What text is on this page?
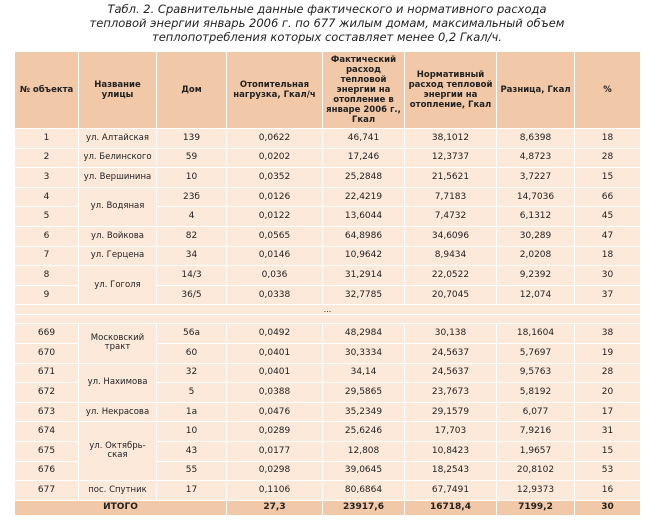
Табл. 2. Сравнительные данные фактического и нормативного расхода
тепловой энергии январь 2006 г. по 677 жилым домам, максимальный объем
теплопотребления которых составляет менее 0,2 Гкал/ч.
№ объекта	Название улицы	Дом	Отопительная нагрузка, Гкал/ч	Фактический расход тепловой энергии на отопление в январе 2006 г., Гкал	Нормативный расход тепловой энергии на отопление, Гкал	Разница, Гкал	%
1	ул. Алтайская	139	0,0622	46,741	38,1012	8,6398	18
2	ул. Белинского	59	0,0202	17,246	12,3737	4,8723	28
3	ул. Вершинина	10	0,0352	25,2848	21,5621	3,7227	15
4	ул. Водяная	23б	0,0126	22,4219	7,7183	14,7036	66
5		4	0,0122	13,6044	7,4732	6,1312	45
6	ул. Войкова	82	0,0565	64,8986	34,6096	30,289	47
7	ул. Герцена	34	0,0146	10,9642	8,9434	2,0208	18
8	ул. Гоголя	14/3	0,036	31,2914	22,0522	9,2392	30
9		36/5	0,0338	32,7785	20,7045	12,074	37
...							

669	Московский тракт	56а	0,0492	48,2984	30,138	18,1604	38
670		60	0,0401	30,3334	24,5637	5,7697	19
671	ул. Нахимова	32	0,0401	34,14	24,5637	9,5763	28
672		5	0,0388	29,5865	23,7673	5,8192	20
673	ул. Некрасова	1а	0,0476	35,2349	29,1579	6,077	17
674	ул. Октябрь-ская	10	0,0289	25,6246	17,703	7,9216	31
675		43	0,0177	12,808	10,8423	1,9657	15
676		55	0,0298	39,0645	18,2543	20,8102	53
677	пос. Спутник	17	0,1106	80,6864	67,7491	12,9373	16
ИТОГО			27,3	23917,6	16718,4	7199,2	30
